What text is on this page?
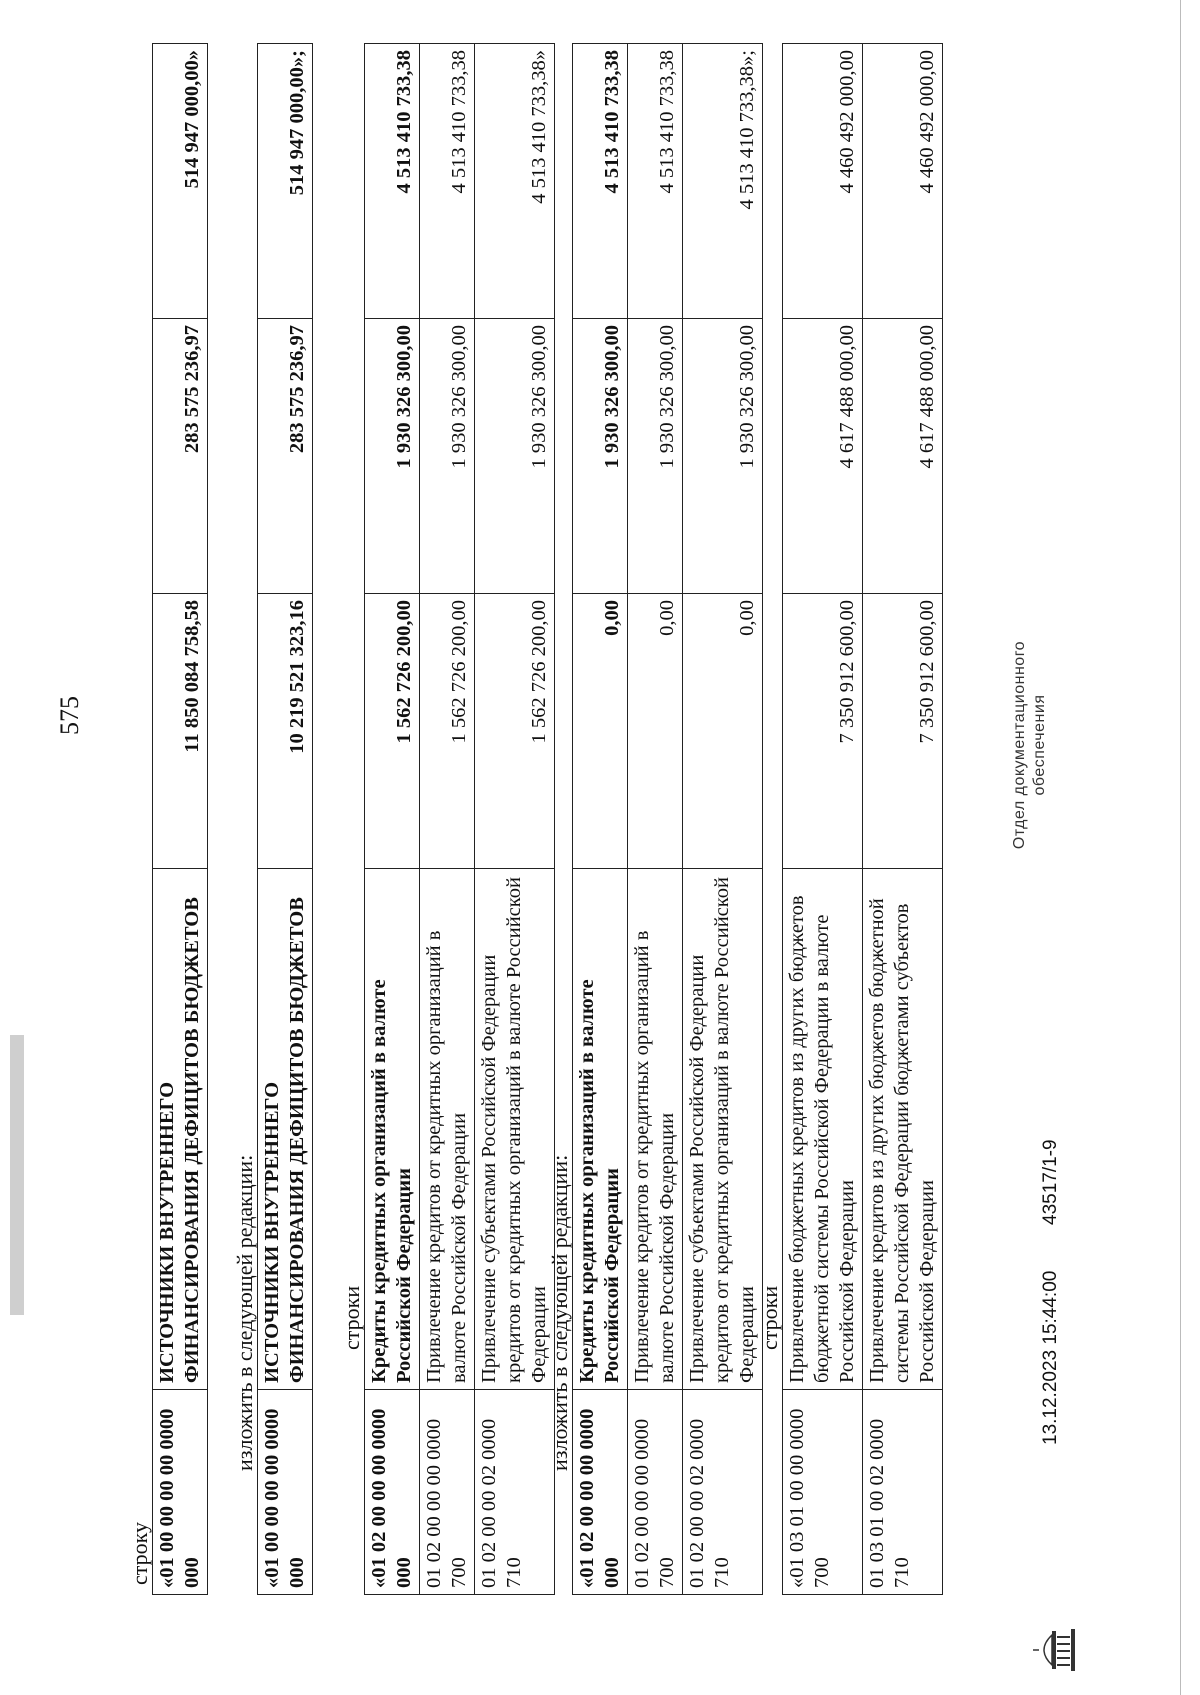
575
строку «01 00 00 00 00 0000 000	ИСТОЧНИКИ ВНУТРЕННЕГО ФИНАНСИРОВАНИЯ ДЕФИЦИТОВ БЮДЖЕТОВ	11 850 084 758,58	283 575 236,97	514 947 000,00»
изложить в следующей редакции:
«01 00 00 00 00 0000 000	ИСТОЧНИКИ ВНУТРЕННЕГО ФИНАНСИРОВАНИЯ ДЕФИЦИТОВ БЮДЖЕТОВ	10 219 521 323,16	283 575 236,97	514 947 000,00»;
строки
«01 02 00 00 00 0000 000	Кредиты кредитных организаций в валюте Российской Федерации	1 562 726 200,00	1 930 326 300,00	4 513 410 733,38
01 02 00 00 00 0000 700	Привлечение кредитов от кредитных организаций в валюте Российской Федерации	1 562 726 200,00	1 930 326 300,00	4 513 410 733,38
01 02 00 00 02 0000 710	Привлечение субъектами Российской Федерации кредитов от кредитных организаций в валюте Российской Федерации	1 562 726 200,00	1 930 326 300,00	4 513 410 733,38»
изложить в следующей редакции:
«01 02 00 00 00 0000 000	Кредиты кредитных организаций в валюте Российской Федерации	0,00	1 930 326 300,00	4 513 410 733,38
01 02 00 00 00 0000 700	Привлечение кредитов от кредитных организаций в валюте Российской Федерации	0,00	1 930 326 300,00	4 513 410 733,38
01 02 00 00 02 0000 710	Привлечение субъектами Российской Федерации кредитов от кредитных организаций в валюте Российской Федерации	0,00	1 930 326 300,00	4 513 410 733,38»;
строки
«01 03 01 00 00 0000 700	Привлечение бюджетных кредитов из других бюджетов бюджетной системы Российской Федерации в валюте Российской Федерации	7 350 912 600,00	4 617 488 000,00	4 460 492 000,00
01 03 01 00 02 0000 710	Привлечение кредитов из других бюджетов бюджетной системы Российской Федерации бюджетами субъектов Российской Федерации	7 350 912 600,00	4 617 488 000,00	4 460 492 000,00
13.12.2023 15:44:00
43517/1-9
Отдел документационного обеспечения
